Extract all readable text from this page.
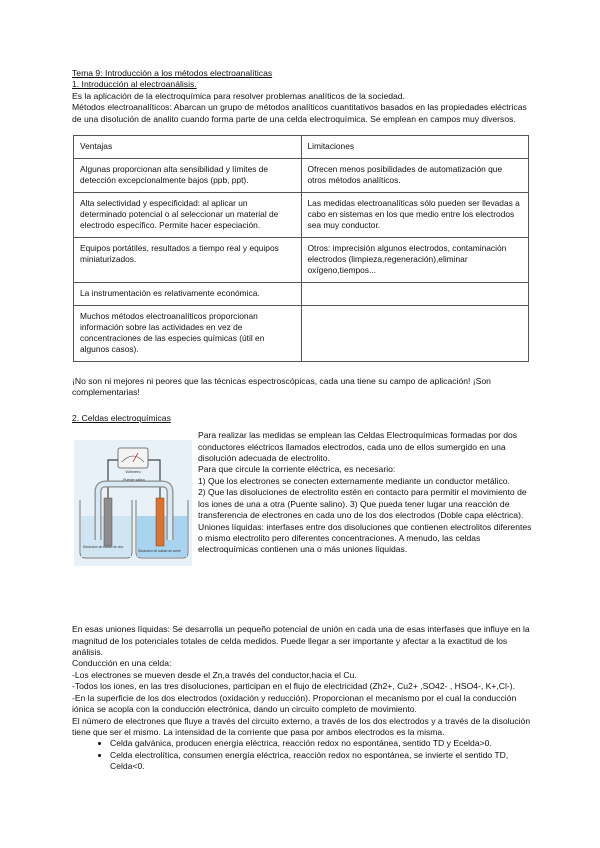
Tema 9: Introducción a los métodos electroanalíticas

1. Introducción al electroanálisis.

Es la aplicación de la electroquímica para resolver problemas analíticos de la sociedad.

Métodos electroanalíticos: Abarcan un grupo de métodos analíticos cuantitativos basados en las propiedades eléctricas de una disolución de analito cuando forma parte de una celda electroquímica. Se emplean en campos muy diversos.

Ventajas	Limitaciones
Algunas proporcionan alta sensibilidad y límites de detección excepcionalmente bajos (ppb, ppt).	Ofrecen menos posibilidades de automatización que otros métodos analíticos.
Alta selectividad y especificidad: al aplicar un determinado potencial o al seleccionar un material de electrodo específico. Permite hacer especiación.	Las medidas electroanalíticas sólo pueden ser llevadas a cabo en sistemas en los que medio entre los electrodos sea muy conductor.
Equipos portátiles, resultados a tiempo real y equipos miniaturizados.	Otros: imprecisión algunos electrodos, contaminación electrodos (limpieza,regeneración),eliminar oxígeno,tiempos...
La instrumentación es relativamente económica.	
Muchos métodos electroanalíticos proporcionan información sobre las actividades en vez de concentraciones de las especies químicas (útil en algunos casos).	

¡No son ni mejores ni peores que las técnicas espectroscópicas, cada una tiene su campo de aplicación! ¡Son complementarias!

2. Celdas electroquímicas

Voltímetro
Puente salino
Disolución de sulfato de cinc
Disolución de sulfato de cobre

Para realizar las medidas se emplean las Celdas Electroquímicas formadas por dos conductores eléctricos llamados electrodos, cada uno de ellos sumergido en una disolución adecuada de electrolito.

Para que circule la corriente eléctrica, es necesario:

1) Que los electrones se conecten externamente mediante un conductor metálico.

2) Que las disoluciones de electrolito estén en contacto para permitir el movimiento de los iones de una a otra (Puente salino). 3) Que pueda tener lugar una reacción de transferencia de electrones en cada uno de los dos electrodos (Doble capa eléctrica).

Uniones líquidas: interfases entre dos disoluciones que contienen electrolitos diferentes o mismo electrolito pero diferentes concentraciones. A menudo, las celdas electroquímicas contienen una o más uniones líquidas.

En esas uniones líquidas: Se desarrolla un pequeño potencial de unión en cada una de esas interfases que influye en la magnitud de los potenciales totales de celda medidos. Puede llegar a ser importante y afectar a la exactitud de los análisis.

Conducción en una celda:

-Los electrones se mueven desde el Zn,a través del conductor,hacia el Cu.

-Todos los iones, en las tres disoluciones, participan en el flujo de electricidad (Zh2+, Cu2+ ,SO42- , HSO4-, K+,Cl-).

-En la superficie de los dos electrodos (oxidación y reducción). Proporcionan el mecanismo por el cual la conducción iónica se acopla con la conducción electrónica, dando un circuito completo de movimiento.

El número de electrones que fluye a través del circuito externo, a través de los dos electrodos y a través de la disolución tiene que ser el mismo. La intensidad de la corriente que pasa por ambos electrodos es la misma.

• Celda galvánica, producen energía eléctrica, reacción redox no espontánea, sentido TD y Ecelda>0.
• Celda electrolítica, consumen energía eléctrica, reacción redox no espontánea, se invierte el sentido TD, Celda<0.
